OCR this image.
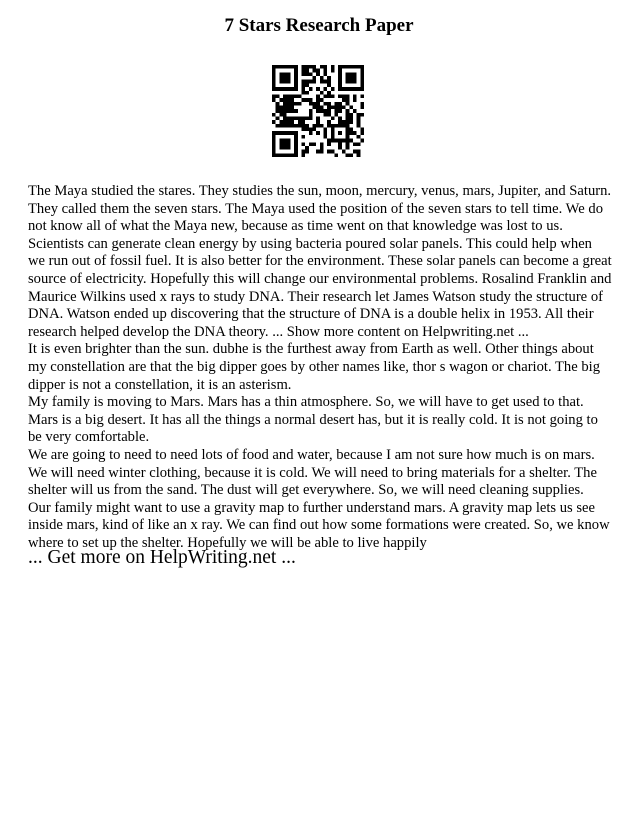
7 Stars Research Paper

The Maya studied the stares. They studies the sun, moon, mercury, venus, mars, Jupiter, and Saturn. They called them the seven stars. The Maya used the position of the seven stars to tell time. We do not know all of what the Maya new, because as time went on that knowledge was lost to us. Scientists can generate clean energy by using bacteria poured solar panels. This could help when we run out of fossil fuel. It is also better for the environment. These solar panels can become a great source of electricity. Hopefully this will change our environmental problems. Rosalind Franklin and Maurice Wilkins used x rays to study DNA. Their research let James Watson study the structure of DNA. Watson ended up discovering that the structure of DNA is a double helix in 1953. All their research helped develop the DNA theory. ... Show more content on Helpwriting.net ...

It is even brighter than the sun. dubhe is the furthest away from Earth as well. Other things about my constellation are that the big dipper goes by other names like, thor s wagon or chariot. The big dipper is not a constellation, it is an asterism.

My family is moving to Mars. Mars has a thin atmosphere. So, we will have to get used to that. Mars is a big desert. It has all the things a normal desert has, but it is really cold. It is not going to be very comfortable.

We are going to need to need lots of food and water, because I am not sure how much is on mars. We will need winter clothing, because it is cold. We will need to bring materials for a shelter. The shelter will us from the sand. The dust will get everywhere. So, we will need cleaning supplies.

Our family might want to use a gravity map to further understand mars. A gravity map lets us see inside mars, kind of like an x ray. We can find out how some formations were created. So, we know where to set up the shelter. Hopefully we will be able to live happily

... Get more on HelpWriting.net ...
